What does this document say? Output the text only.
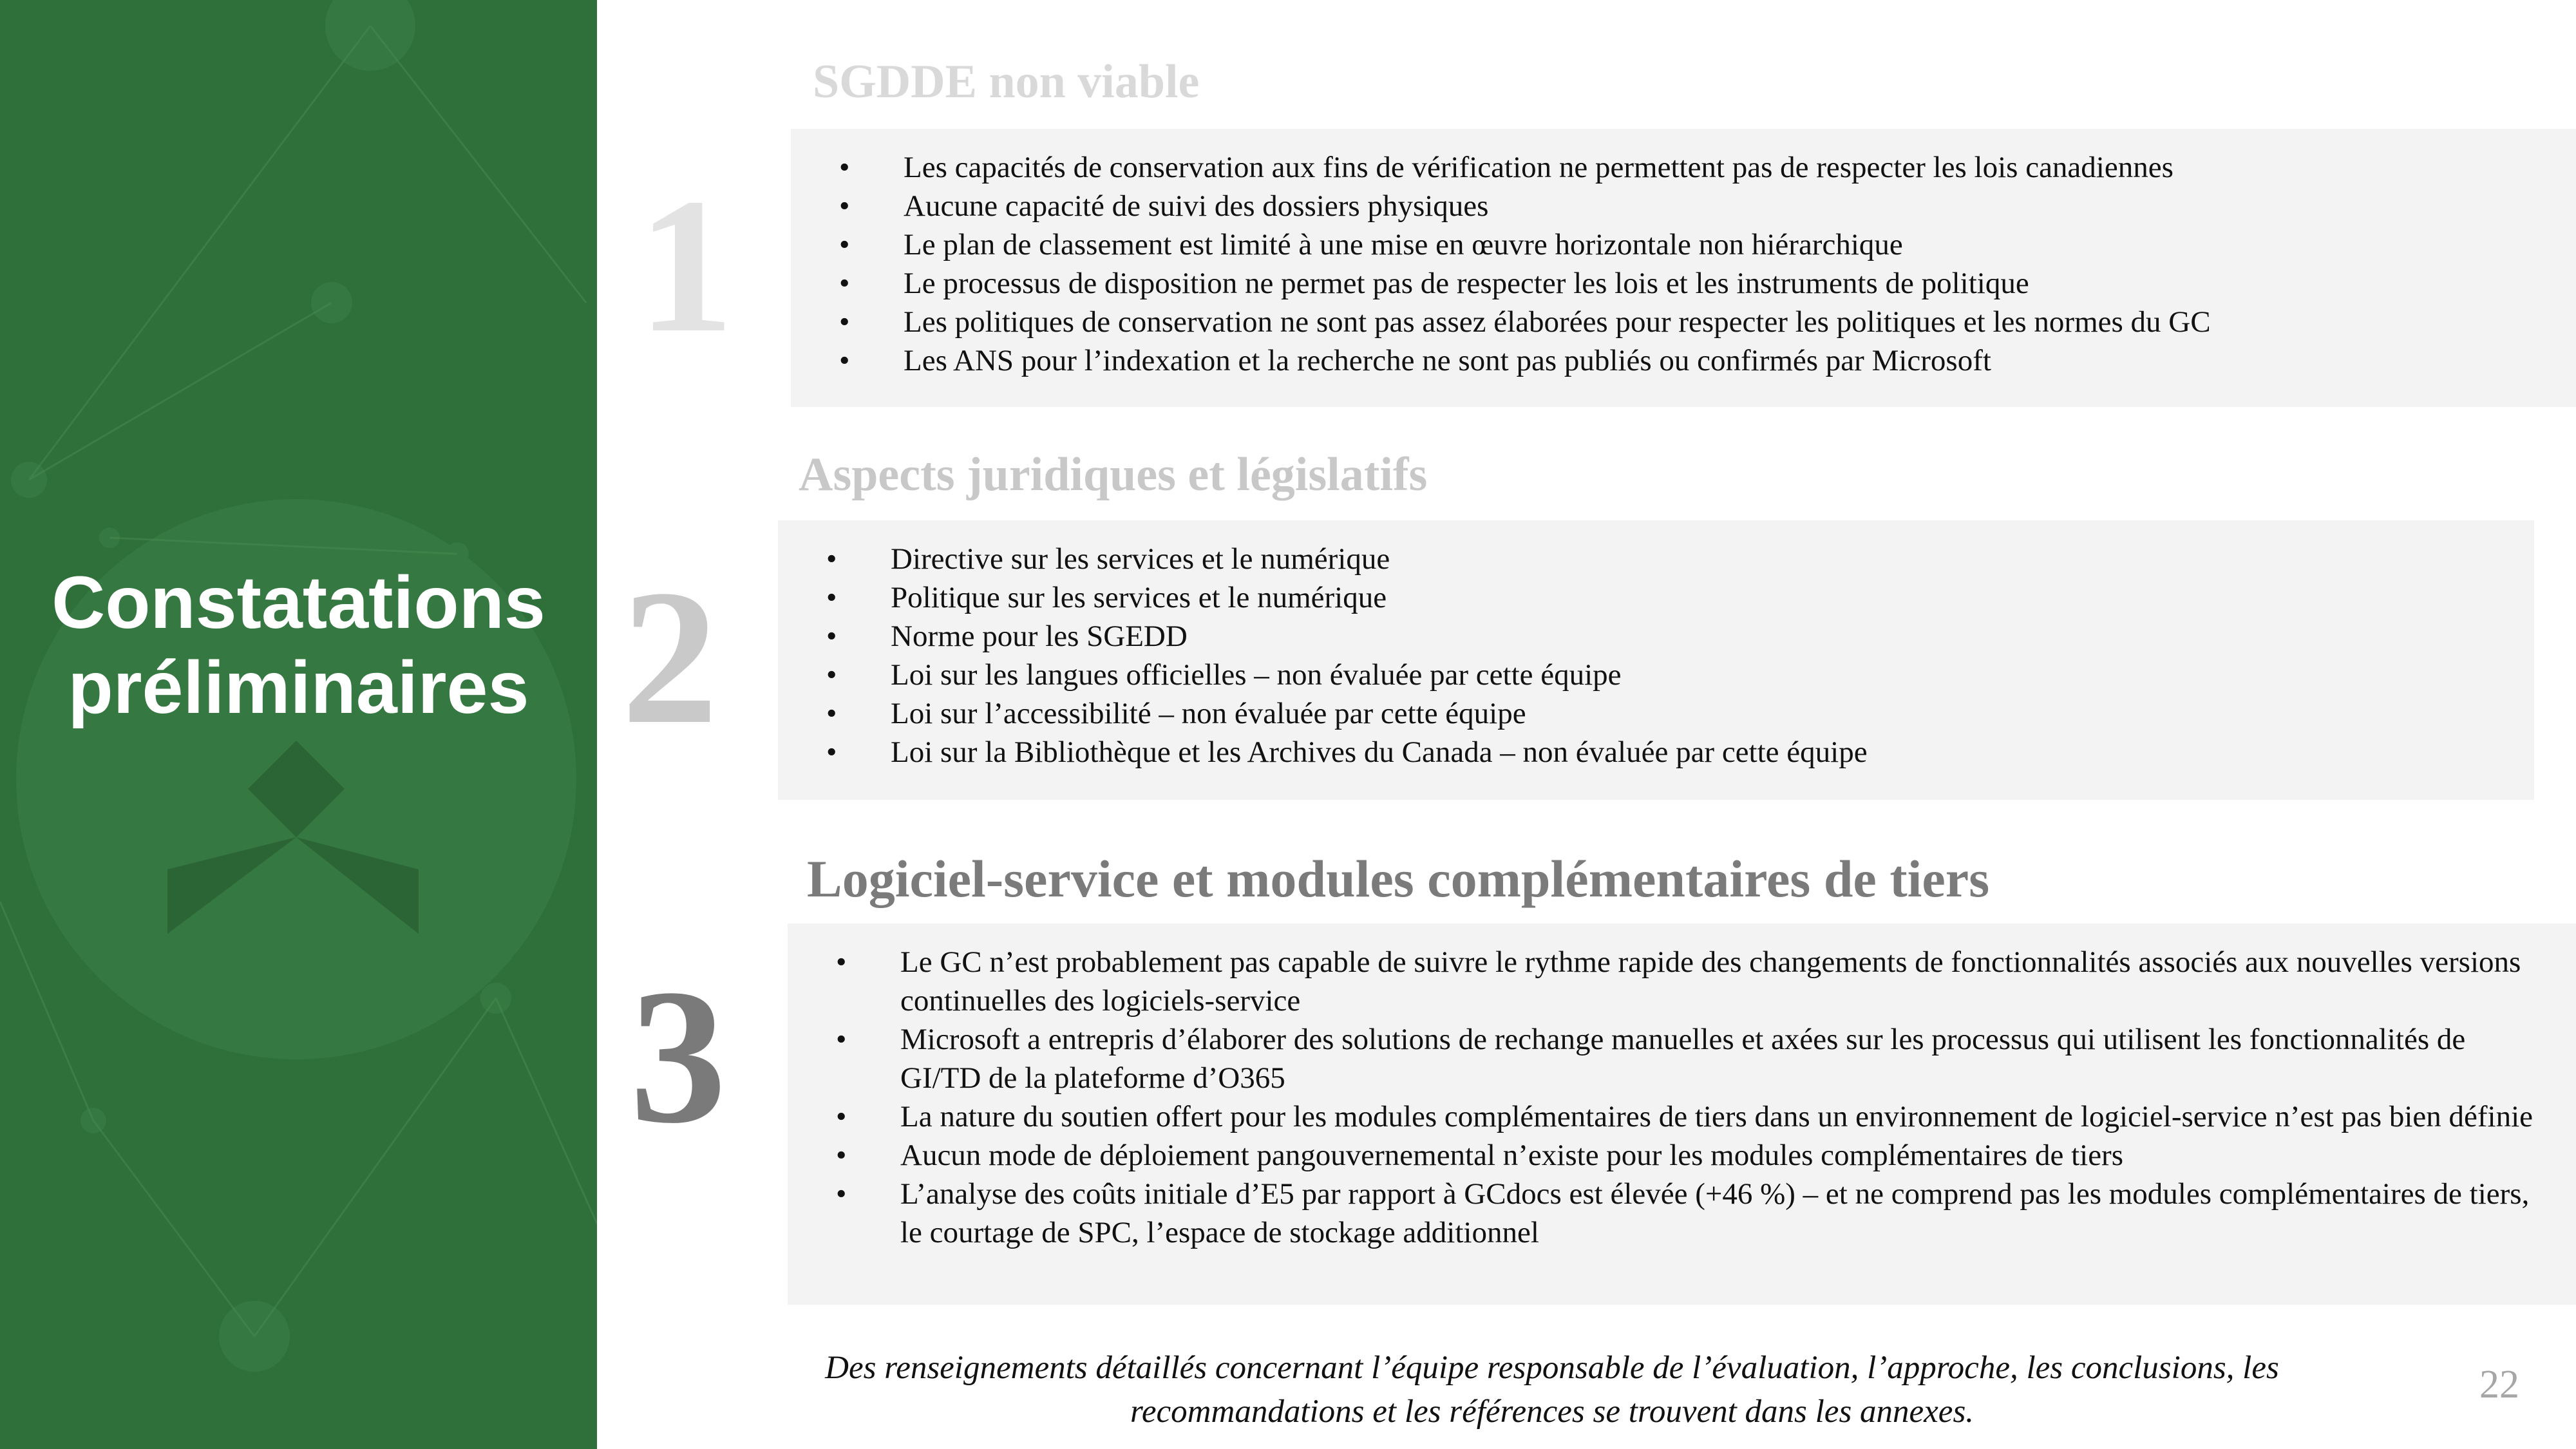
Constatations
préliminaires
SGDDE non viable
1	•	Les capacités de conservation aux fins de vérification ne permettent pas de respecter les lois canadiennes
•	Aucune capacité de suivi des dossiers physiques
•	Le plan de classement est limité à une mise en œuvre horizontale non hiérarchique
•	Le processus de disposition ne permet pas de respecter les lois et les instruments de politique
•	Les politiques de conservation ne sont pas assez élaborées pour respecter les politiques et les normes du GC
•	Les ANS pour l’indexation et la recherche ne sont pas publiés ou confirmés par Microsoft
Aspects juridiques et législatifs
2	•	Directive sur les services et le numérique
•	Politique sur les services et le numérique
•	Norme pour les SGEDD
•	Loi sur les langues officielles – non évaluée par cette équipe
•	Loi sur l’accessibilité – non évaluée par cette équipe
•	Loi sur la Bibliothèque et les Archives du Canada – non évaluée par cette équipe
Logiciel-service et modules complémentaires de tiers
3	•	Le GC n’est probablement pas capable de suivre le rythme rapide des changements de fonctionnalités associés aux nouvelles versions continuelles des logiciels-service
•	Microsoft a entrepris d’élaborer des solutions de rechange manuelles et axées sur les processus qui utilisent les fonctionnalités de GI/TD de la plateforme d’O365
•	La nature du soutien offert pour les modules complémentaires de tiers dans un environnement de logiciel-service n’est pas bien définie
•	Aucun mode de déploiement pangouvernemental n’existe pour les modules complémentaires de tiers
•	L’analyse des coûts initiale d’E5 par rapport à GCdocs est élevée (+46 %) – et ne comprend pas les modules complémentaires de tiers, le courtage de SPC, l’espace de stockage additionnel
Des renseignements détaillés concernant l’équipe responsable de l’évaluation, l’approche, les conclusions, les
recommandations et les références se trouvent dans les annexes.
22
